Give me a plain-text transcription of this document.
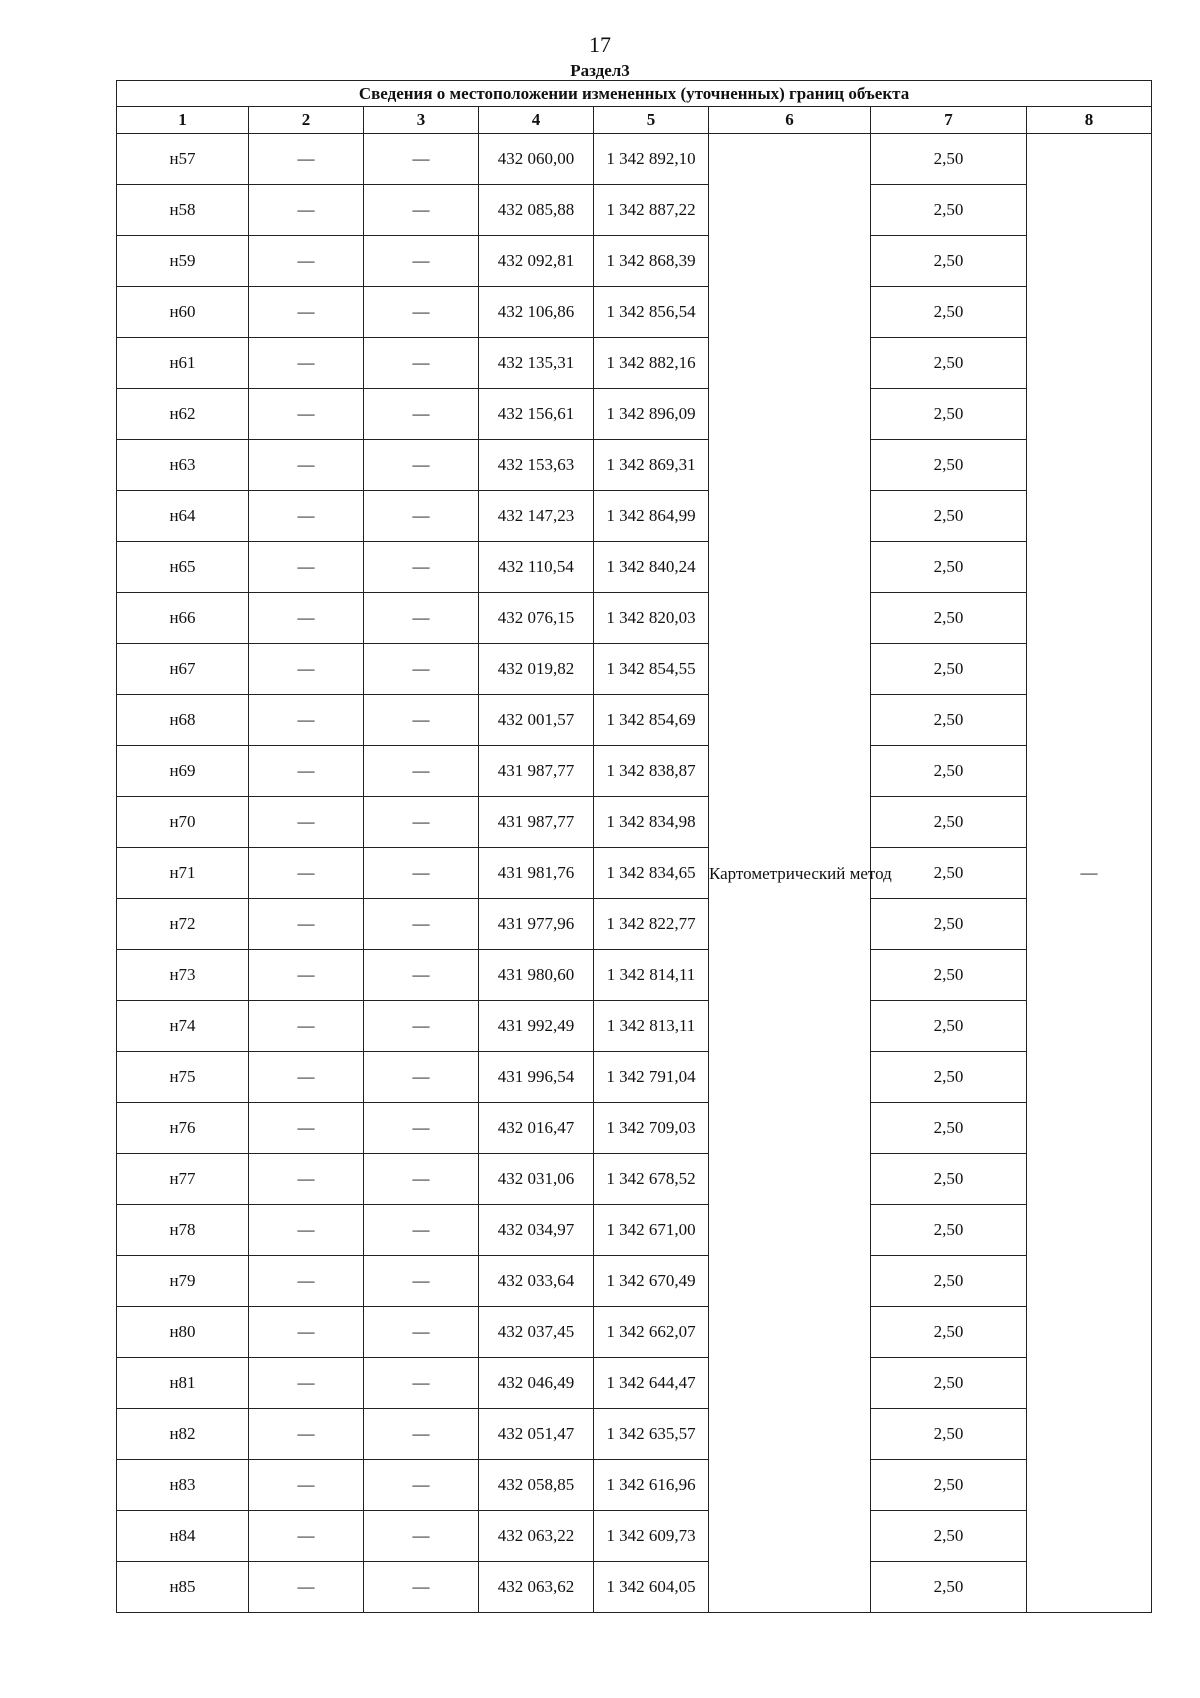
17
Раздел3
Сведения о местоположении измененных (уточненных) границ объекта							
1	2	3	4	5	6	7	8
н57	—	—	432 060,00	1 342 892,10	Картометрический метод	2,50	—
н58	—	—	432 085,88	1 342 887,22		2,50	
н59	—	—	432 092,81	1 342 868,39		2,50	
н60	—	—	432 106,86	1 342 856,54		2,50	
н61	—	—	432 135,31	1 342 882,16		2,50	
н62	—	—	432 156,61	1 342 896,09		2,50	
н63	—	—	432 153,63	1 342 869,31		2,50	
н64	—	—	432 147,23	1 342 864,99		2,50	
н65	—	—	432 110,54	1 342 840,24		2,50	
н66	—	—	432 076,15	1 342 820,03		2,50	
н67	—	—	432 019,82	1 342 854,55		2,50	
н68	—	—	432 001,57	1 342 854,69		2,50	
н69	—	—	431 987,77	1 342 838,87		2,50	
н70	—	—	431 987,77	1 342 834,98		2,50	
н71	—	—	431 981,76	1 342 834,65		2,50	
н72	—	—	431 977,96	1 342 822,77		2,50	
н73	—	—	431 980,60	1 342 814,11		2,50	
н74	—	—	431 992,49	1 342 813,11		2,50	
н75	—	—	431 996,54	1 342 791,04		2,50	
н76	—	—	432 016,47	1 342 709,03		2,50	
н77	—	—	432 031,06	1 342 678,52		2,50	
н78	—	—	432 034,97	1 342 671,00		2,50	
н79	—	—	432 033,64	1 342 670,49		2,50	
н80	—	—	432 037,45	1 342 662,07		2,50	
н81	—	—	432 046,49	1 342 644,47		2,50	
н82	—	—	432 051,47	1 342 635,57		2,50	
н83	—	—	432 058,85	1 342 616,96		2,50	
н84	—	—	432 063,22	1 342 609,73		2,50	
н85	—	—	432 063,62	1 342 604,05		2,50	
